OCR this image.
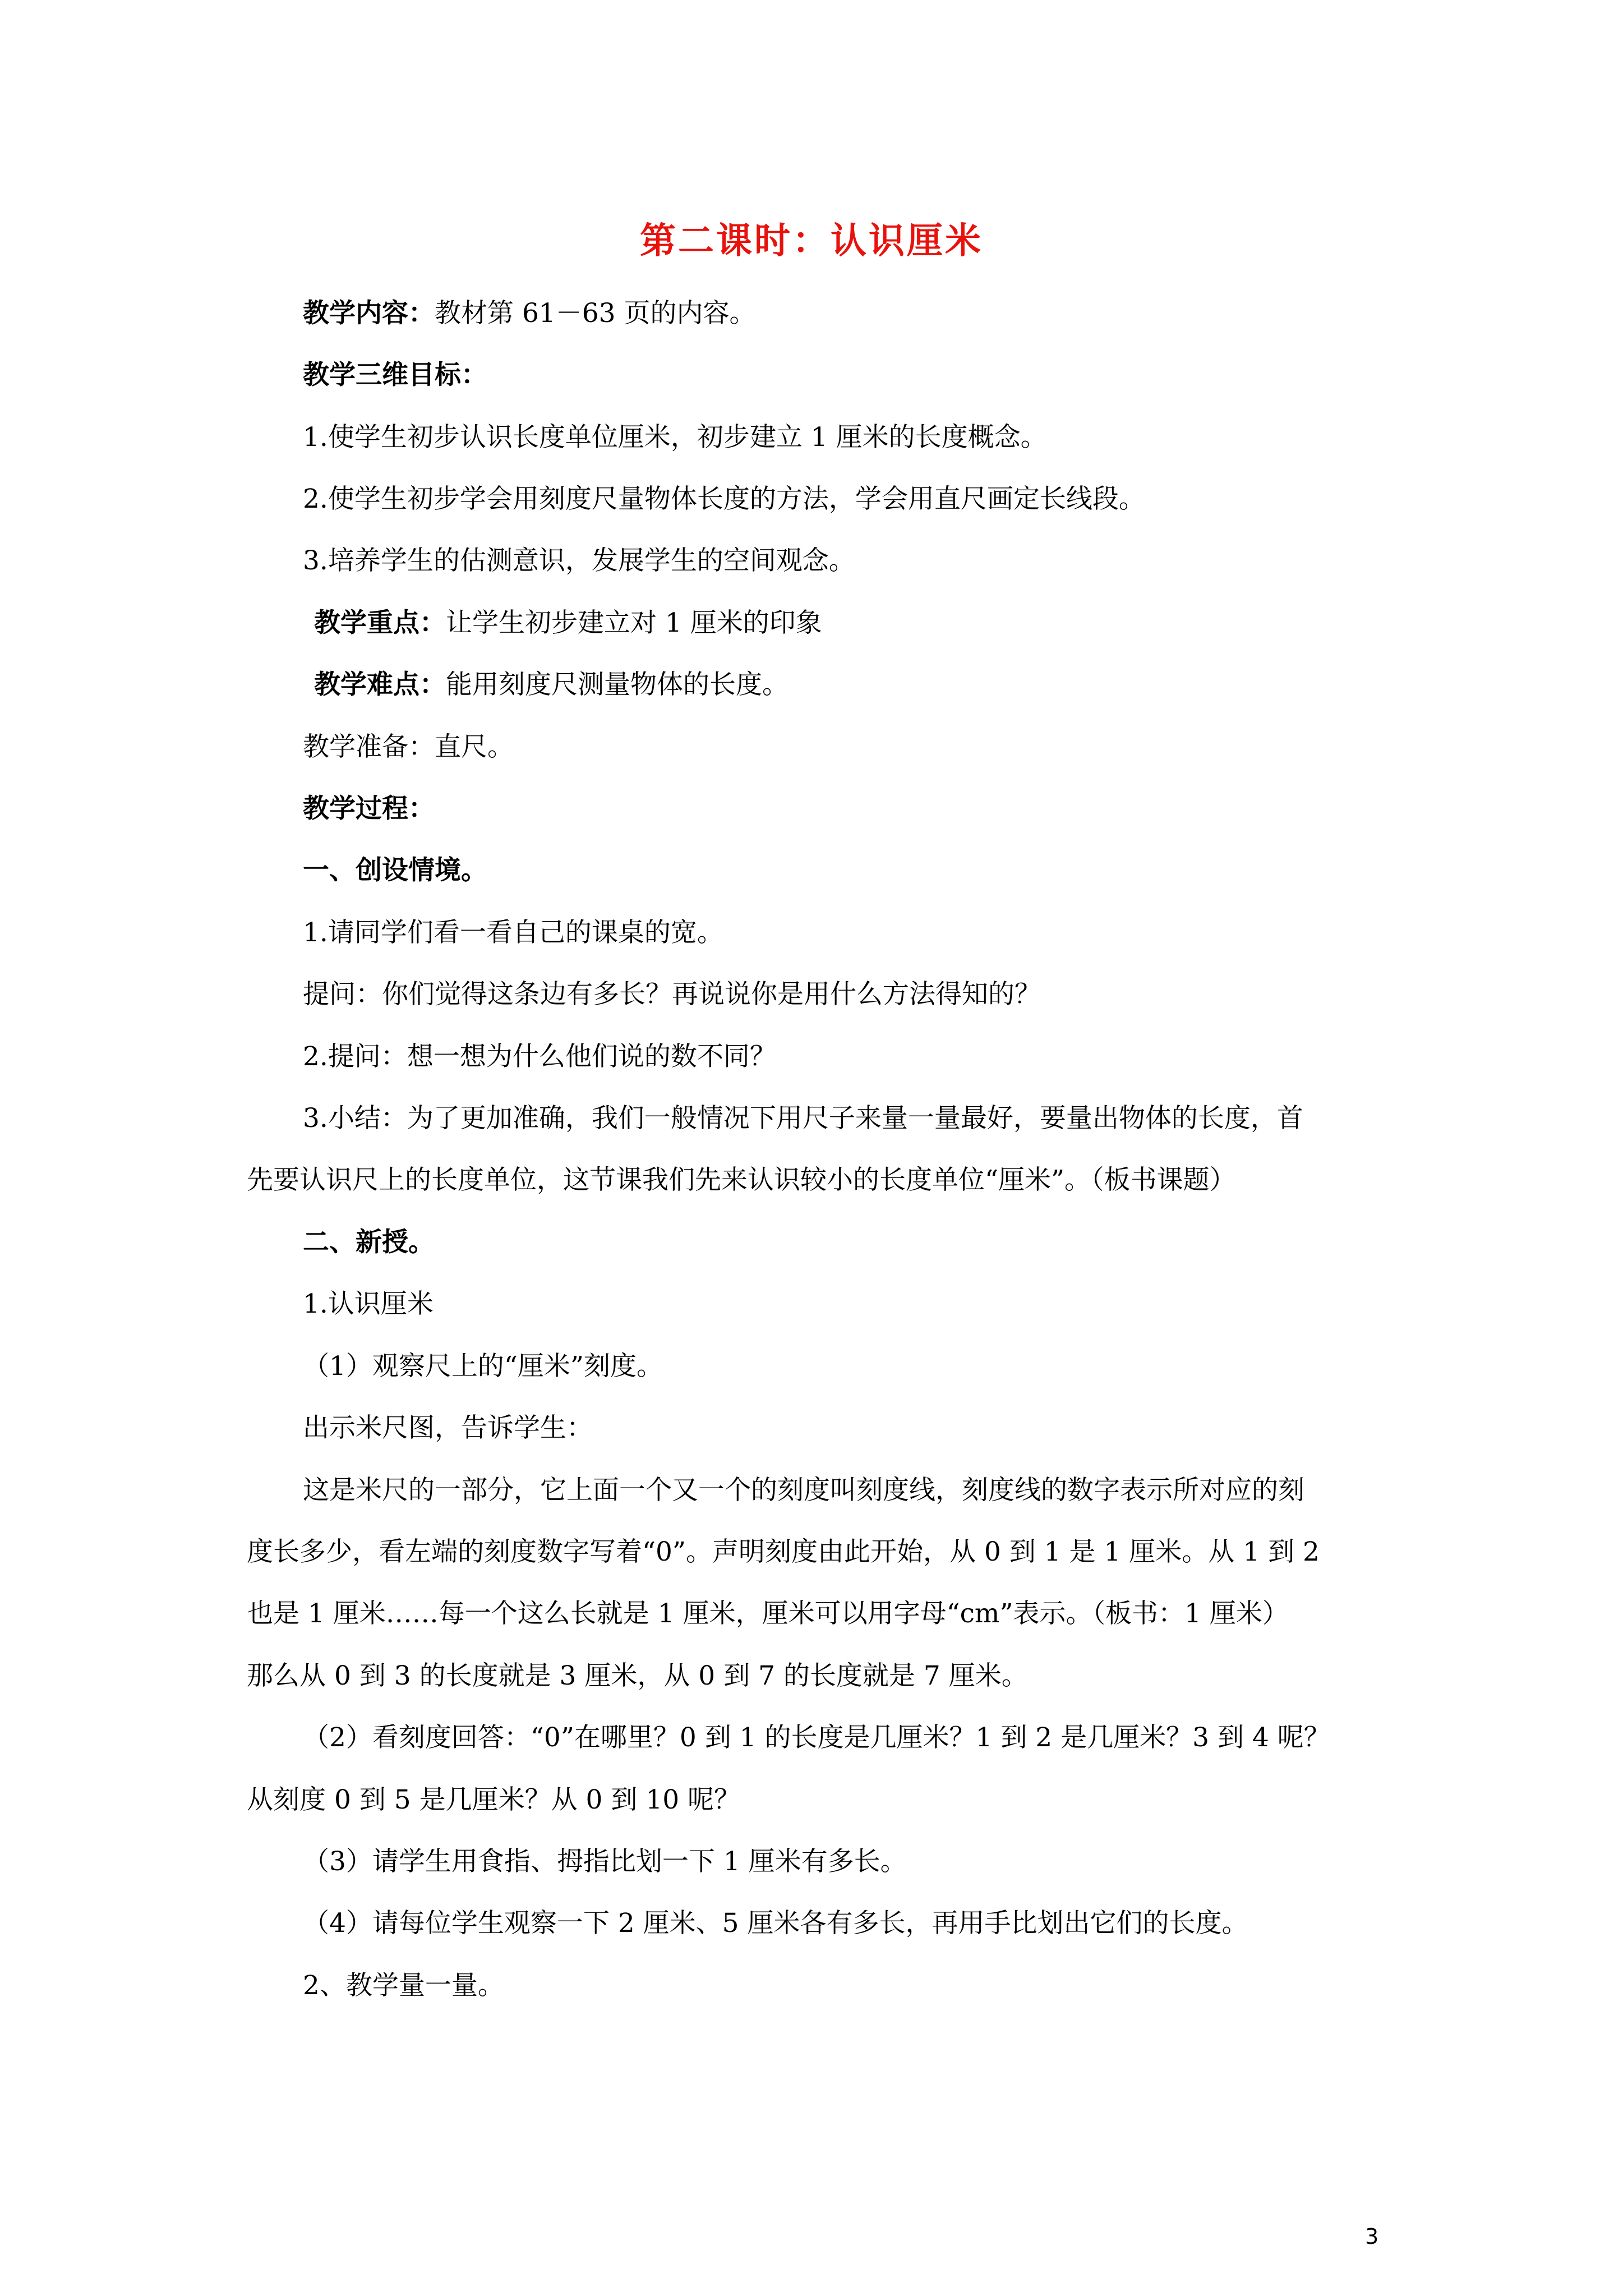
第二课时：认识厘米
教学内容：教材第 61－63 页的内容。
教学三维目标：
1.使学生初步认识长度单位厘米，初步建立 1 厘米的长度概念。
2.使学生初步学会用刻度尺量物体长度的方法，学会用直尺画定长线段。
3.培养学生的估测意识，发展学生的空间观念。
教学重点：让学生初步建立对 1 厘米的印象
教学难点：能用刻度尺测量物体的长度。
教学准备：直尺。
教学过程：
一、创设情境。
1.请同学们看一看自己的课桌的宽。
提问：你们觉得这条边有多长？再说说你是用什么方法得知的？
2.提问：想一想为什么他们说的数不同？
3.小结：为了更加准确，我们一般情况下用尺子来量一量最好，要量出物体的长度，首
先要认识尺上的长度单位，这节课我们先来认识较小的长度单位“厘米”。（板书课题）
二、新授。
1.认识厘米
（1）观察尺上的“厘米”刻度。
出示米尺图，告诉学生：
这是米尺的一部分，它上面一个又一个的刻度叫刻度线，刻度线的数字表示所对应的刻
度长多少，看左端的刻度数字写着“0”。声明刻度由此开始，从 0 到 1 是 1 厘米。从 1 到 2
也是 1 厘米……每一个这么长就是 1 厘米，厘米可以用字母“cm”表示。（板书：1 厘米）
那么从 0 到 3 的长度就是 3 厘米，从 0 到 7 的长度就是 7 厘米。
（2）看刻度回答：“0”在哪里？0 到 1 的长度是几厘米？1 到 2 是几厘米？3 到 4 呢？
从刻度 0 到 5 是几厘米？从 0 到 10 呢？
（3）请学生用食指、拇指比划一下 1 厘米有多长。
（4）请每位学生观察一下 2 厘米、5 厘米各有多长，再用手比划出它们的长度。
2、教学量一量。
3
